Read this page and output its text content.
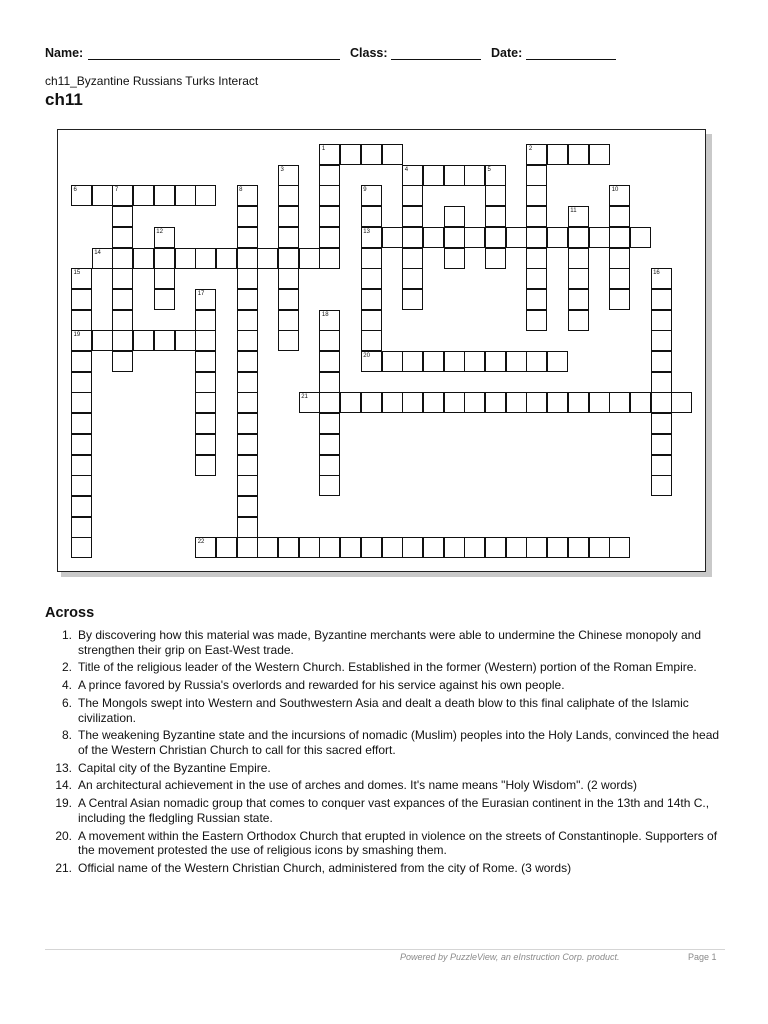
Name:	Class:	Date:
ch11_Byzantine Russians Turks Interact
ch11
1	2
3	4	5
6	7	8	9
13
20
10
11
12
14
15
19
16
17
18
21
22
Across
1. By discovering how this material was made, Byzantine merchants were able to undermine the Chinese monopoly and strengthen their grip on East-West trade.
2. Title of the religious leader of the Western Church. Established in the former (Western) portion of the Roman Empire.
4. A prince favored by Russia's overlords and rewarded for his service against his own people.
6. The Mongols swept into Western and Southwestern Asia and dealt a death blow to this final caliphate of the Islamic civilization.
8. The weakening Byzantine state and the incursions of nomadic (Muslim) peoples into the Holy Lands, convinced the head of the Western Christian Church to call for this sacred effort.
13. Capital city of the Byzantine Empire.
14. An architectural achievement in the use of arches and domes. It's name means "Holy Wisdom". (2 words)
19. A Central Asian nomadic group that comes to conquer vast expances of the Eurasian continent in the 13th and 14th C., including the fledgling Russian state.
20. A movement within the Eastern Orthodox Church that erupted in violence on the streets of Constantinople. Supporters of the movement protested the use of religious icons by smashing them.
21. Official name of the Western Christian Church, administered from the city of Rome. (3 words)
Powered by PuzzleView, an eInstruction Corp. product.	Page 1
